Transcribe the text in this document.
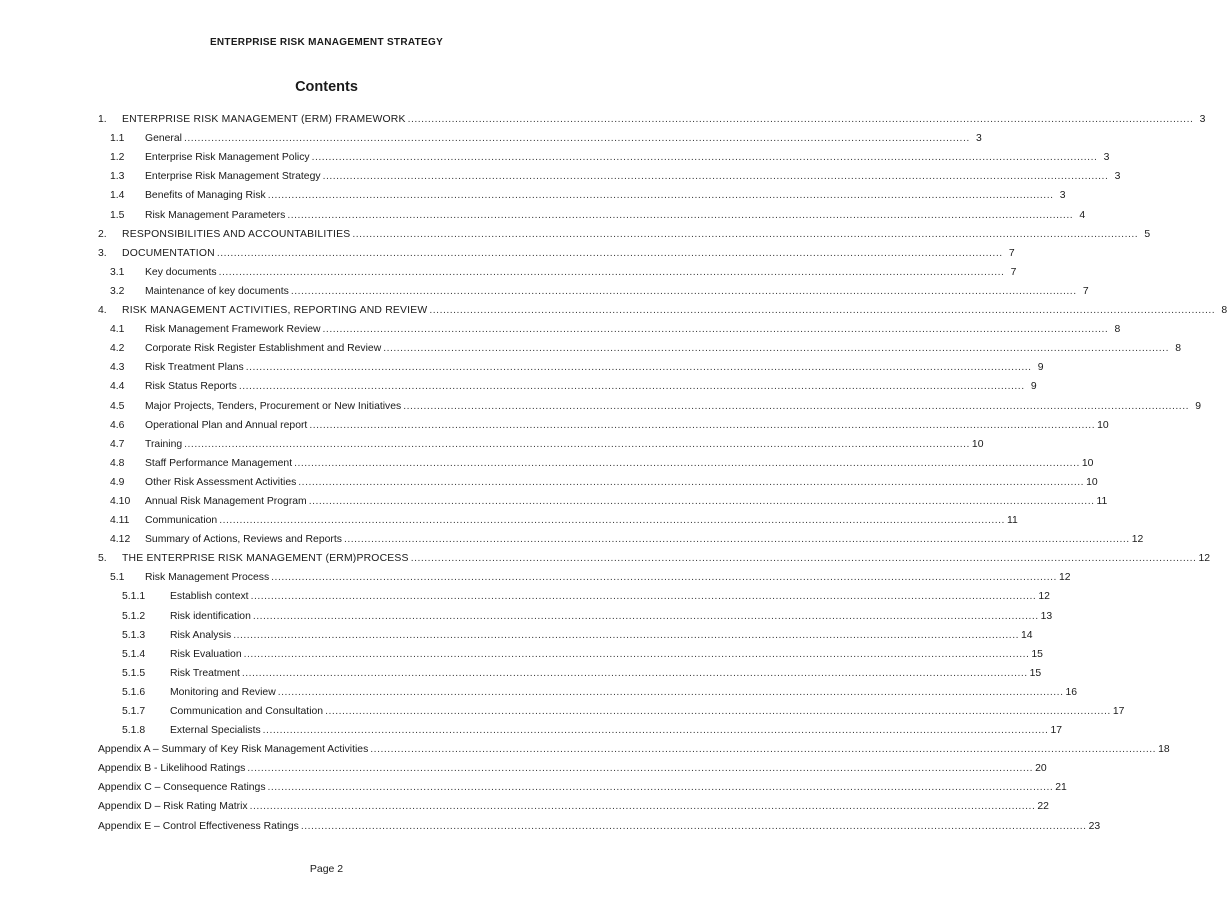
ENTERPRISE RISK MANAGEMENT STRATEGY
Contents
1.	ENTERPRISE RISK MANAGEMENT (ERM) FRAMEWORK .....	3
1.1	General .....	3
1.2	Enterprise Risk Management Policy .....	3
1.3	Enterprise Risk Management Strategy .....	3
1.4	Benefits of Managing Risk .....	3
1.5	Risk Management Parameters .....	4
2.	RESPONSIBILITIES AND ACCOUNTABILITIES .....	5
3.	DOCUMENTATION .....	7
3.1	Key documents .....	7
3.2	Maintenance of key documents .....	7
4.	RISK MANAGEMENT ACTIVITIES, REPORTING AND REVIEW .....	8
4.1	Risk Management Framework Review .....	8
4.2	Corporate Risk Register Establishment and Review .....	8
4.3	Risk Treatment Plans .....	9
4.4	Risk Status Reports .....	9
4.5	Major Projects, Tenders, Procurement or New Initiatives .....	9
4.6	Operational Plan and Annual report .....	10
4.7	Training .....	10
4.8	Staff Performance Management .....	10
4.9	Other Risk Assessment Activities .....	10
4.10	Annual Risk Management Program .....	11
4.11	Communication .....	11
4.12	Summary of Actions, Reviews and Reports .....	12
5.	THE ENTERPRISE RISK MANAGEMENT (ERM)PROCESS .....	12
5.1	Risk Management Process .....	12
5.1.1	Establish context .....	12
5.1.2	Risk identification .....	13
5.1.3	Risk Analysis .....	14
5.1.4	Risk Evaluation .....	15
5.1.5	Risk Treatment .....	15
5.1.6	Monitoring and Review .....	16
5.1.7	Communication and Consultation .....	17
5.1.8	External Specialists .....	17
Appendix A – Summary of Key Risk Management Activities .....	18
Appendix B - Likelihood Ratings .....	20
Appendix C – Consequence Ratings .....	21
Appendix D – Risk Rating Matrix .....	22
Appendix E – Control Effectiveness Ratings .....	23
Page 2
